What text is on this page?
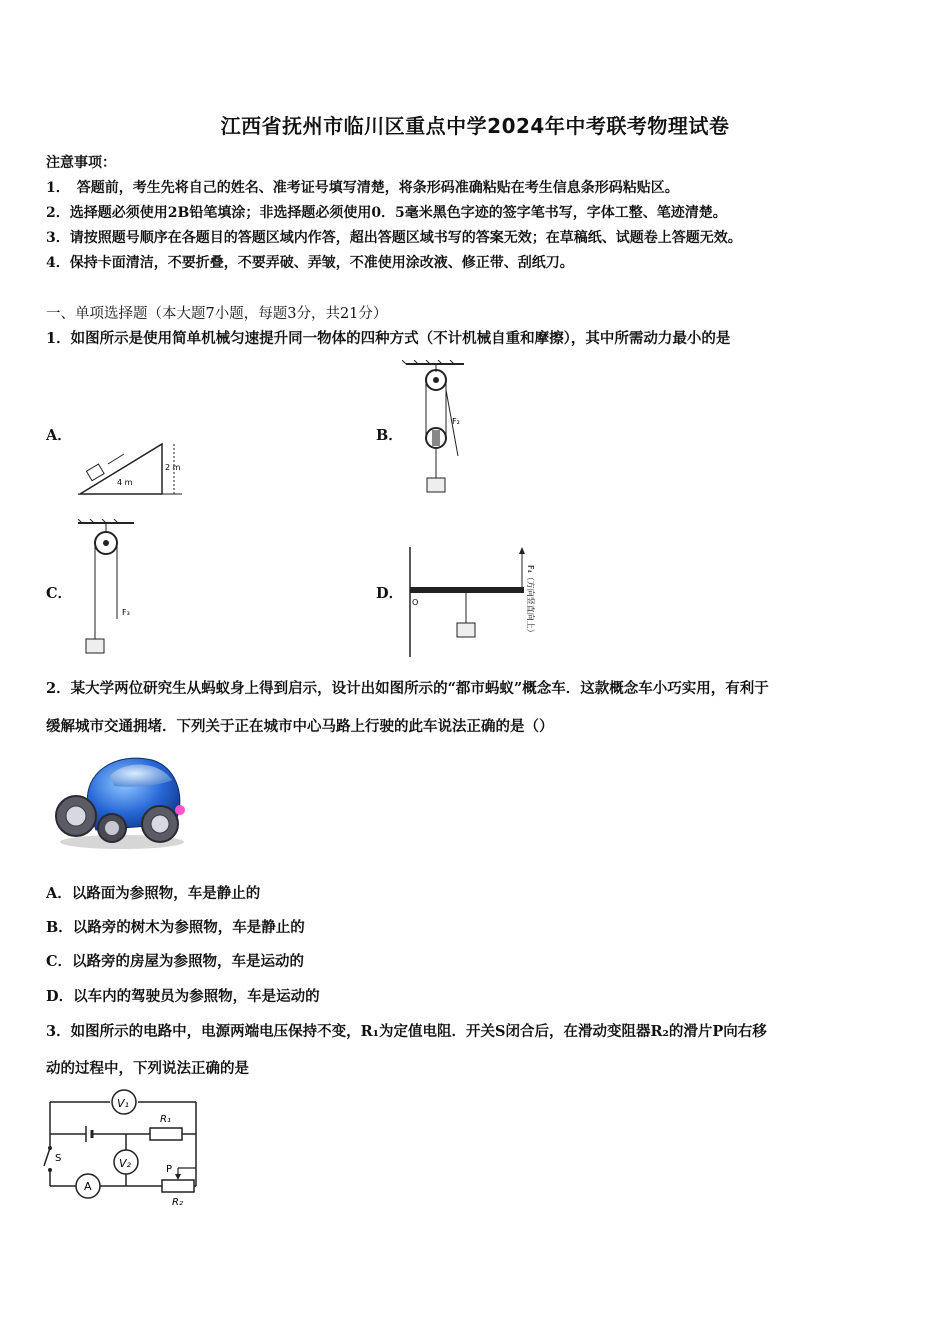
江西省抚州市临川区重点中学2024年中考联考物理试卷
注意事项：
1．　答题前，考生先将自己的姓名、准考证号填写清楚，将条形码准确粘贴在考生信息条形码粘贴区。
2．选择题必须使用2B铅笔填涂；非选择题必须使用0．5毫米黑色字迹的签字笔书写，字体工整、笔迹清楚。
3．请按照题号顺序在各题目的答题区域内作答，超出答题区域书写的答案无效；在草稿纸、试题卷上答题无效。
4．保持卡面清洁，不要折叠，不要弄破、弄皱，不准使用涂改液、修正带、刮纸刀。
一、单项选择题（本大题7小题，每题3分，共21分）
1．如图所示是使用简单机械匀速提升同一物体的四种方式（不计机械自重和摩擦），其中所需动力最小的是
A．	B．
C．	D．
4 m
2 m
F₂
F₃
O	F₄（方向竖直向上）
2．某大学两位研究生从蚂蚁身上得到启示，设计出如图所示的“都市蚂蚁”概念车．这款概念车小巧实用，有利于
缓解城市交通拥堵．下列关于正在城市中心马路上行驶的此车说法正确的是（）
A．以路面为参照物，车是静止的
B．以路旁的树木为参照物，车是静止的
C．以路旁的房屋为参照物，车是运动的
D．以车内的驾驶员为参照物，车是运动的
3．如图所示的电路中，电源两端电压保持不变，R₁为定值电阻．开关S闭合后，在滑动变阻器R₂的滑片P向右移
动的过程中，下列说法正确的是
V₁
R₁
S
A
V₂	P
R₂
